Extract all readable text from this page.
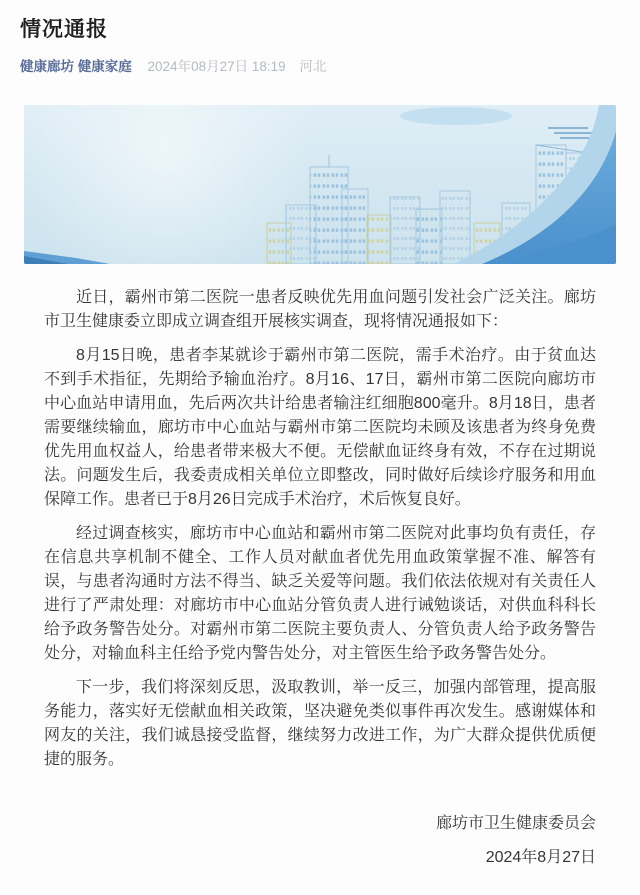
情况通报
健康廊坊 健康家庭 2024年08月27日 18:19 河北

近日，霸州市第二医院一患者反映优先用血问题引发社会广泛关注。廊坊市卫生健康委立即成立调查组开展核实调查，现将情况通报如下：

8月15日晚，患者李某就诊于霸州市第二医院，需手术治疗。由于贫血达不到手术指征，先期给予输血治疗。8月16、17日，霸州市第二医院向廊坊市中心血站申请用血，先后两次共计给患者输注红细胞800毫升。8月18日，患者需要继续输血，廊坊市中心血站与霸州市第二医院均未顾及该患者为终身免费优先用血权益人，给患者带来极大不便。无偿献血证终身有效，不存在过期说法。问题发生后，我委责成相关单位立即整改，同时做好后续诊疗服务和用血保障工作。患者已于8月26日完成手术治疗，术后恢复良好。

经过调查核实，廊坊市中心血站和霸州市第二医院对此事均负有责任，存在信息共享机制不健全、工作人员对献血者优先用血政策掌握不准、解答有误，与患者沟通时方法不得当、缺乏关爱等问题。我们依法依规对有关责任人进行了严肃处理：对廊坊市中心血站分管负责人进行诫勉谈话，对供血科科长给予政务警告处分。对霸州市第二医院主要负责人、分管负责人给予政务警告处分，对输血科主任给予党内警告处分，对主管医生给予政务警告处分。

下一步，我们将深刻反思，汲取教训，举一反三，加强内部管理，提高服务能力，落实好无偿献血相关政策，坚决避免类似事件再次发生。感谢媒体和网友的关注，我们诚恳接受监督，继续努力改进工作，为广大群众提供优质便捷的服务。

廊坊市卫生健康委员会

2024年8月27日
